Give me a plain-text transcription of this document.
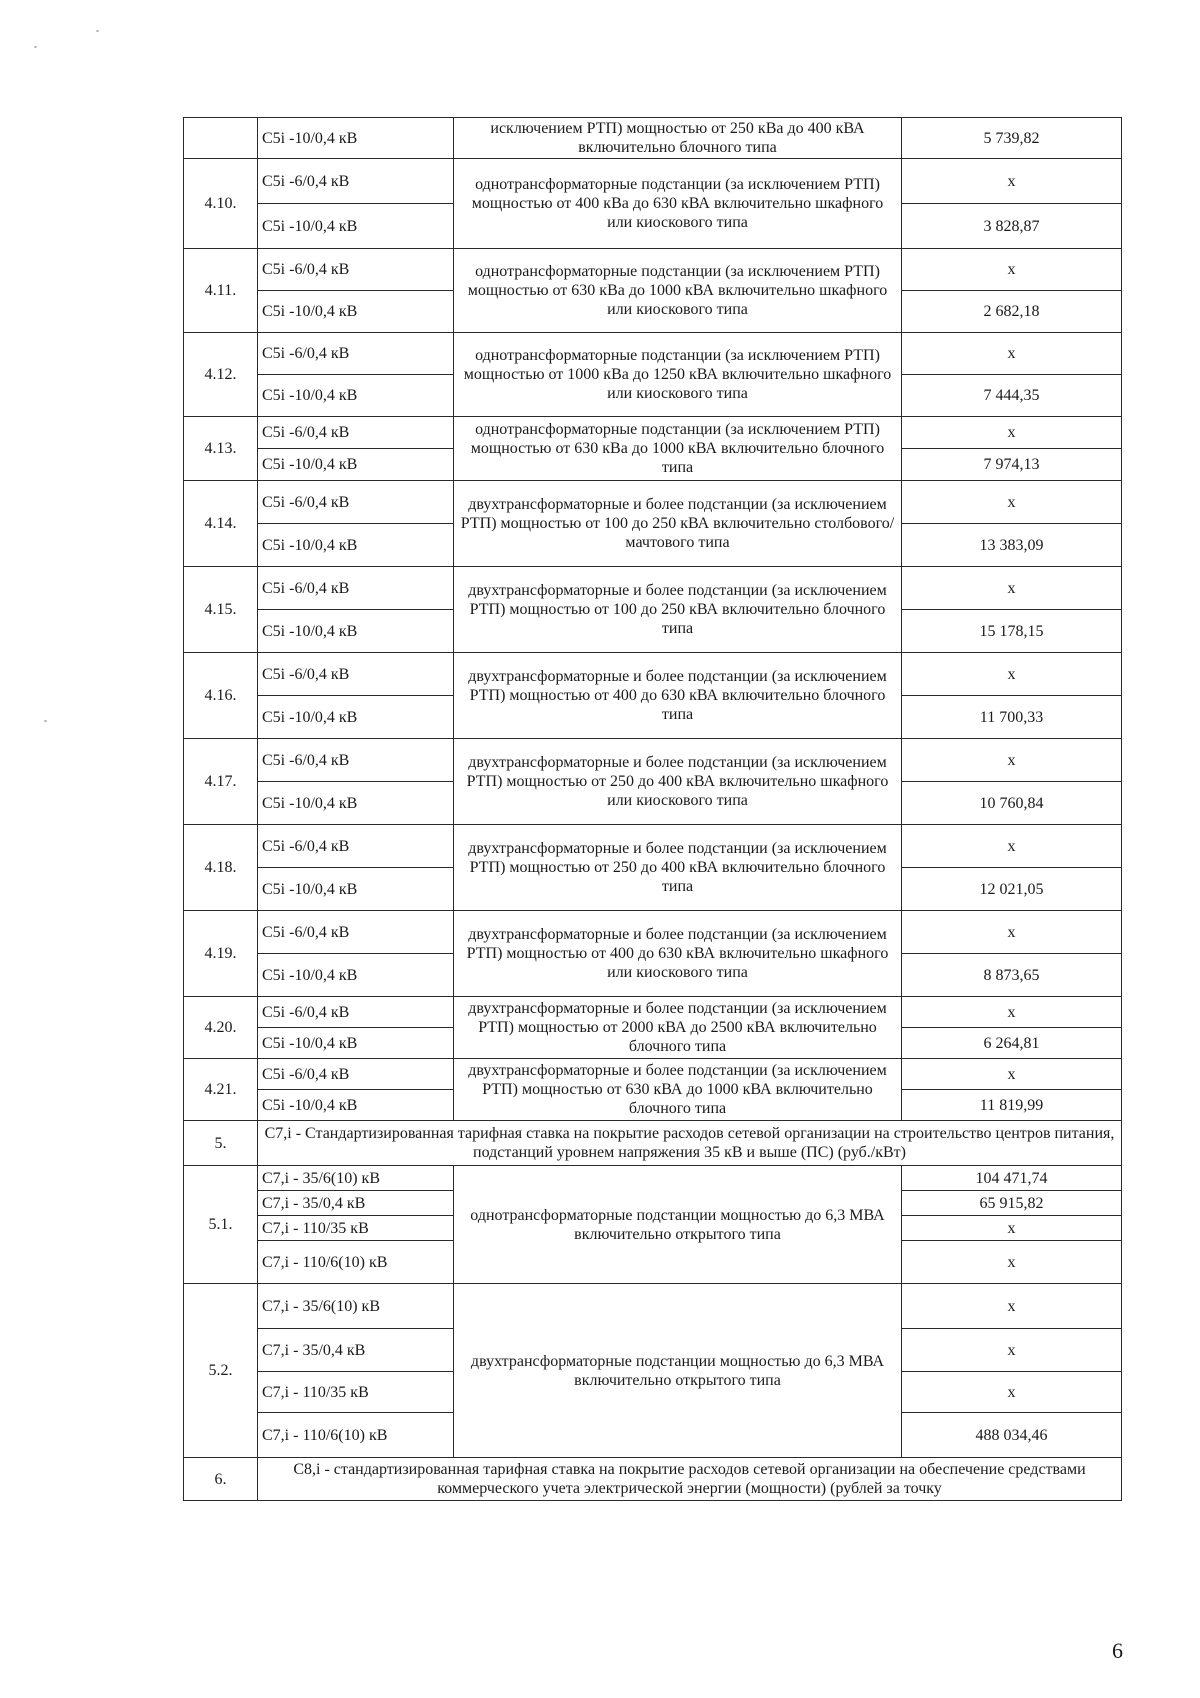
	C5i -10/0,4 кВ	исключением РТП) мощностью от 250 кВа до 400 кВА включительно блочного типа	5 739,82
4.10.	C5i -6/0,4 кВ	однотрансформаторные подстанции (за исключением РТП) мощностью от 400 кВа до 630 кВА включительно шкафного или киоскового типа	x
	C5i -10/0,4 кВ		3 828,87
4.11.	C5i -6/0,4 кВ	однотрансформаторные подстанции (за исключением РТП) мощностью от 630 кВа до 1000 кВА включительно шкафного или киоскового типа	x
	C5i -10/0,4 кВ		2 682,18
4.12.	C5i -6/0,4 кВ	однотрансформаторные подстанции (за исключением РТП) мощностью от 1000 кВа до 1250 кВА включительно шкафного или киоскового типа	x
	C5i -10/0,4 кВ		7 444,35
4.13.	C5i -6/0,4 кВ	однотрансформаторные подстанции (за исключением РТП) мощностью от 630 кВа до 1000 кВА включительно блочного типа	x
	C5i -10/0,4 кВ		7 974,13
4.14.	C5i -6/0,4 кВ	двухтрансформаторные и более подстанции (за исключением РТП) мощностью от 100 до 250 кВА включительно столбового/мачтового типа	x
	C5i -10/0,4 кВ		13 383,09
4.15.	C5i -6/0,4 кВ	двухтрансформаторные и более подстанции (за исключением РТП) мощностью от 100 до 250 кВА включительно блочного типа	x
	C5i -10/0,4 кВ		15 178,15
4.16.	C5i -6/0,4 кВ	двухтрансформаторные и более подстанции (за исключением РТП) мощностью от 400 до 630 кВА включительно блочного типа	x
	C5i -10/0,4 кВ		11 700,33
4.17.	C5i -6/0,4 кВ	двухтрансформаторные и более подстанции (за исключением РТП) мощностью от 250 до 400 кВА включительно шкафного или киоскового типа	x
	C5i -10/0,4 кВ		10 760,84
4.18.	C5i -6/0,4 кВ	двухтрансформаторные и более подстанции (за исключением РТП) мощностью от 250 до 400 кВА включительно блочного типа	x
	C5i -10/0,4 кВ		12 021,05
4.19.	C5i -6/0,4 кВ	двухтрансформаторные и более подстанции (за исключением РТП) мощностью от 400 до 630 кВА включительно шкафного или киоскового типа	x
	C5i -10/0,4 кВ		8 873,65
4.20.	C5i -6/0,4 кВ	двухтрансформаторные и более подстанции (за исключением РТП) мощностью от 2000 кВА до 2500 кВА включительно блочного типа	x
	C5i -10/0,4 кВ		6 264,81
4.21.	C5i -6/0,4 кВ	двухтрансформаторные и более подстанции (за исключением РТП) мощностью от 630 кВА до 1000 кВА включительно блочного типа	x
	C5i -10/0,4 кВ		11 819,99
5.	С7,i - Стандартизированная тарифная ставка на покрытие расходов сетевой организации на строительство центров питания, подстанций уровнем напряжения 35 кВ и выше (ПС) (руб./кВт)		
5.1.	С7,i - 35/6(10) кВ	однотрансформаторные подстанции мощностью до 6,3 МВА включительно открытого типа	104 471,74
	С7,i - 35/0,4 кВ		65 915,82
	С7,i - 110/35 кВ		x
	С7,i - 110/6(10) кВ		x
5.2.	С7,i - 35/6(10) кВ	двухтрансформаторные подстанции мощностью до 6,3 МВА включительно открытого типа	x
	С7,i - 35/0,4 кВ		x
	С7,i - 110/35 кВ		x
	С7,i - 110/6(10) кВ		488 034,46
6.	С8,i - стандартизированная тарифная ставка на покрытие расходов сетевой организации на обеспечение средствами коммерческого учета электрической энергии (мощности) (рублей за точку		
6
